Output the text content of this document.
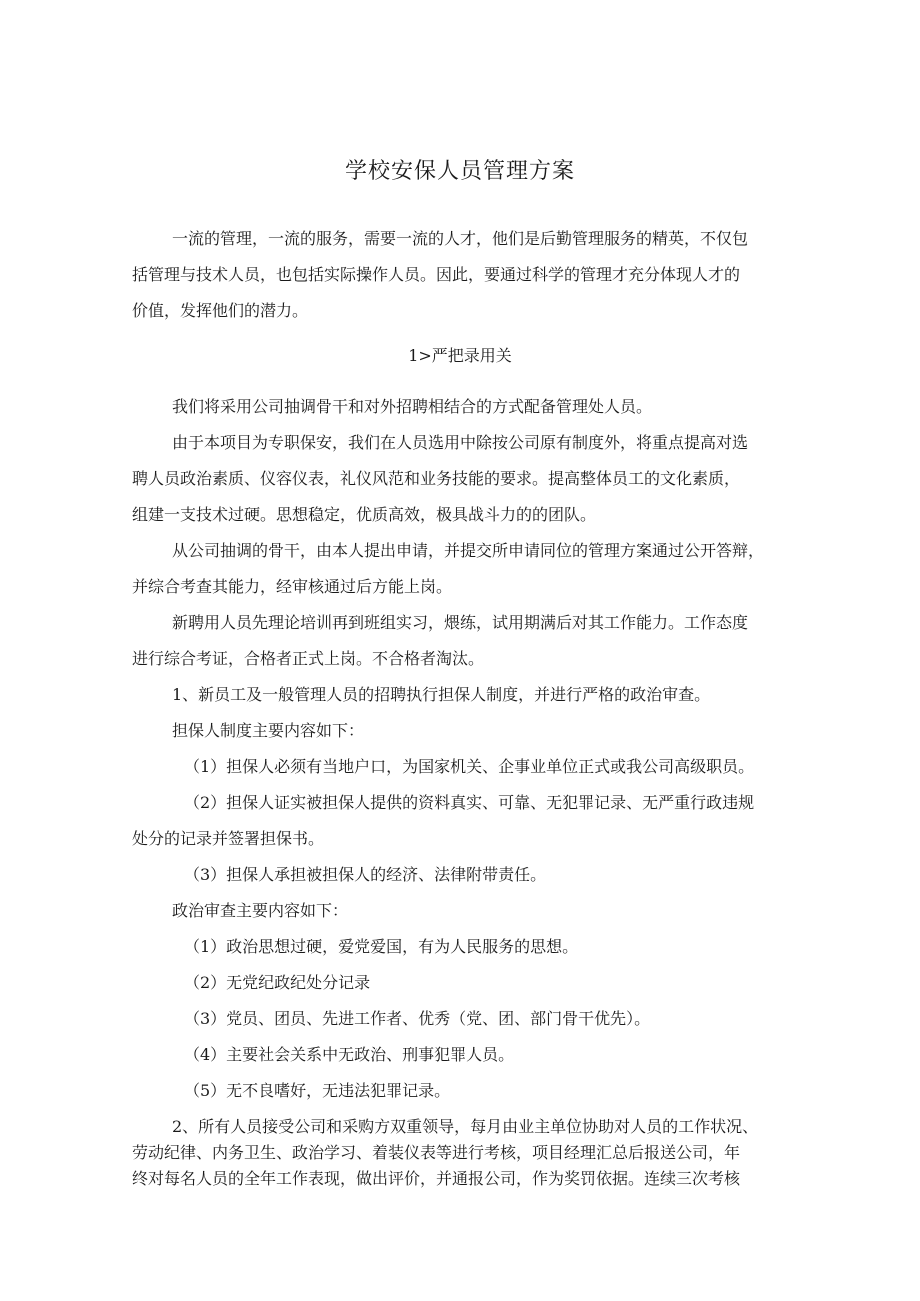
学校安保人员管理方案
一流的管理，一流的服务，需要一流的人才，他们是后勤管理服务的精英，不仅包
括管理与技术人员，也包括实际操作人员。因此，要通过科学的管理才充分体现人才的
价值，发挥他们的潜力。
1>严把录用关
我们将采用公司抽调骨干和对外招聘相结合的方式配备管理处人员。
由于本项目为专职保安，我们在人员选用中除按公司原有制度外，将重点提高对选
聘人员政治素质、仪容仪表，礼仪风范和业务技能的要求。提高整体员工的文化素质，
组建一支技术过硬。思想稳定，优质高效，极具战斗力的的团队。
从公司抽调的骨干，由本人提出申请，并提交所申请同位的管理方案通过公开答辩，
并综合考查其能力，经审核通过后方能上岗。
新聘用人员先理论培训再到班组实习，煨练，试用期满后对其工作能力。工作态度
进行综合考证，合格者正式上岗。不合格者淘汰。
1、新员工及一般管理人员的招聘执行担保人制度，并进行严格的政治审查。
担保人制度主要内容如下：
（1）担保人必须有当地户口，为国家机关、企事业单位正式或我公司高级职员。
（2）担保人证实被担保人提供的资料真实、可靠、无犯罪记录、无严重行政违规
处分的记录并签署担保书。
（3）担保人承担被担保人的经济、法律附带责任。
政治审查主要内容如下：
（1）政治思想过硬，爱党爱国，有为人民服务的思想。
（2）无党纪政纪处分记录
（3）党员、团员、先进工作者、优秀（党、团、部门骨干优先）。
（4）主要社会关系中无政治、刑事犯罪人员。
（5）无不良嗜好，无违法犯罪记录。
2、所有人员接受公司和采购方双重领导，每月由业主单位协助对人员的工作状况、
劳动纪律、内务卫生、政治学习、着装仪表等进行考核，项目经理汇总后报送公司，年
终对每名人员的全年工作表现，做出评价，并通报公司，作为奖罚依据。连续三次考核
